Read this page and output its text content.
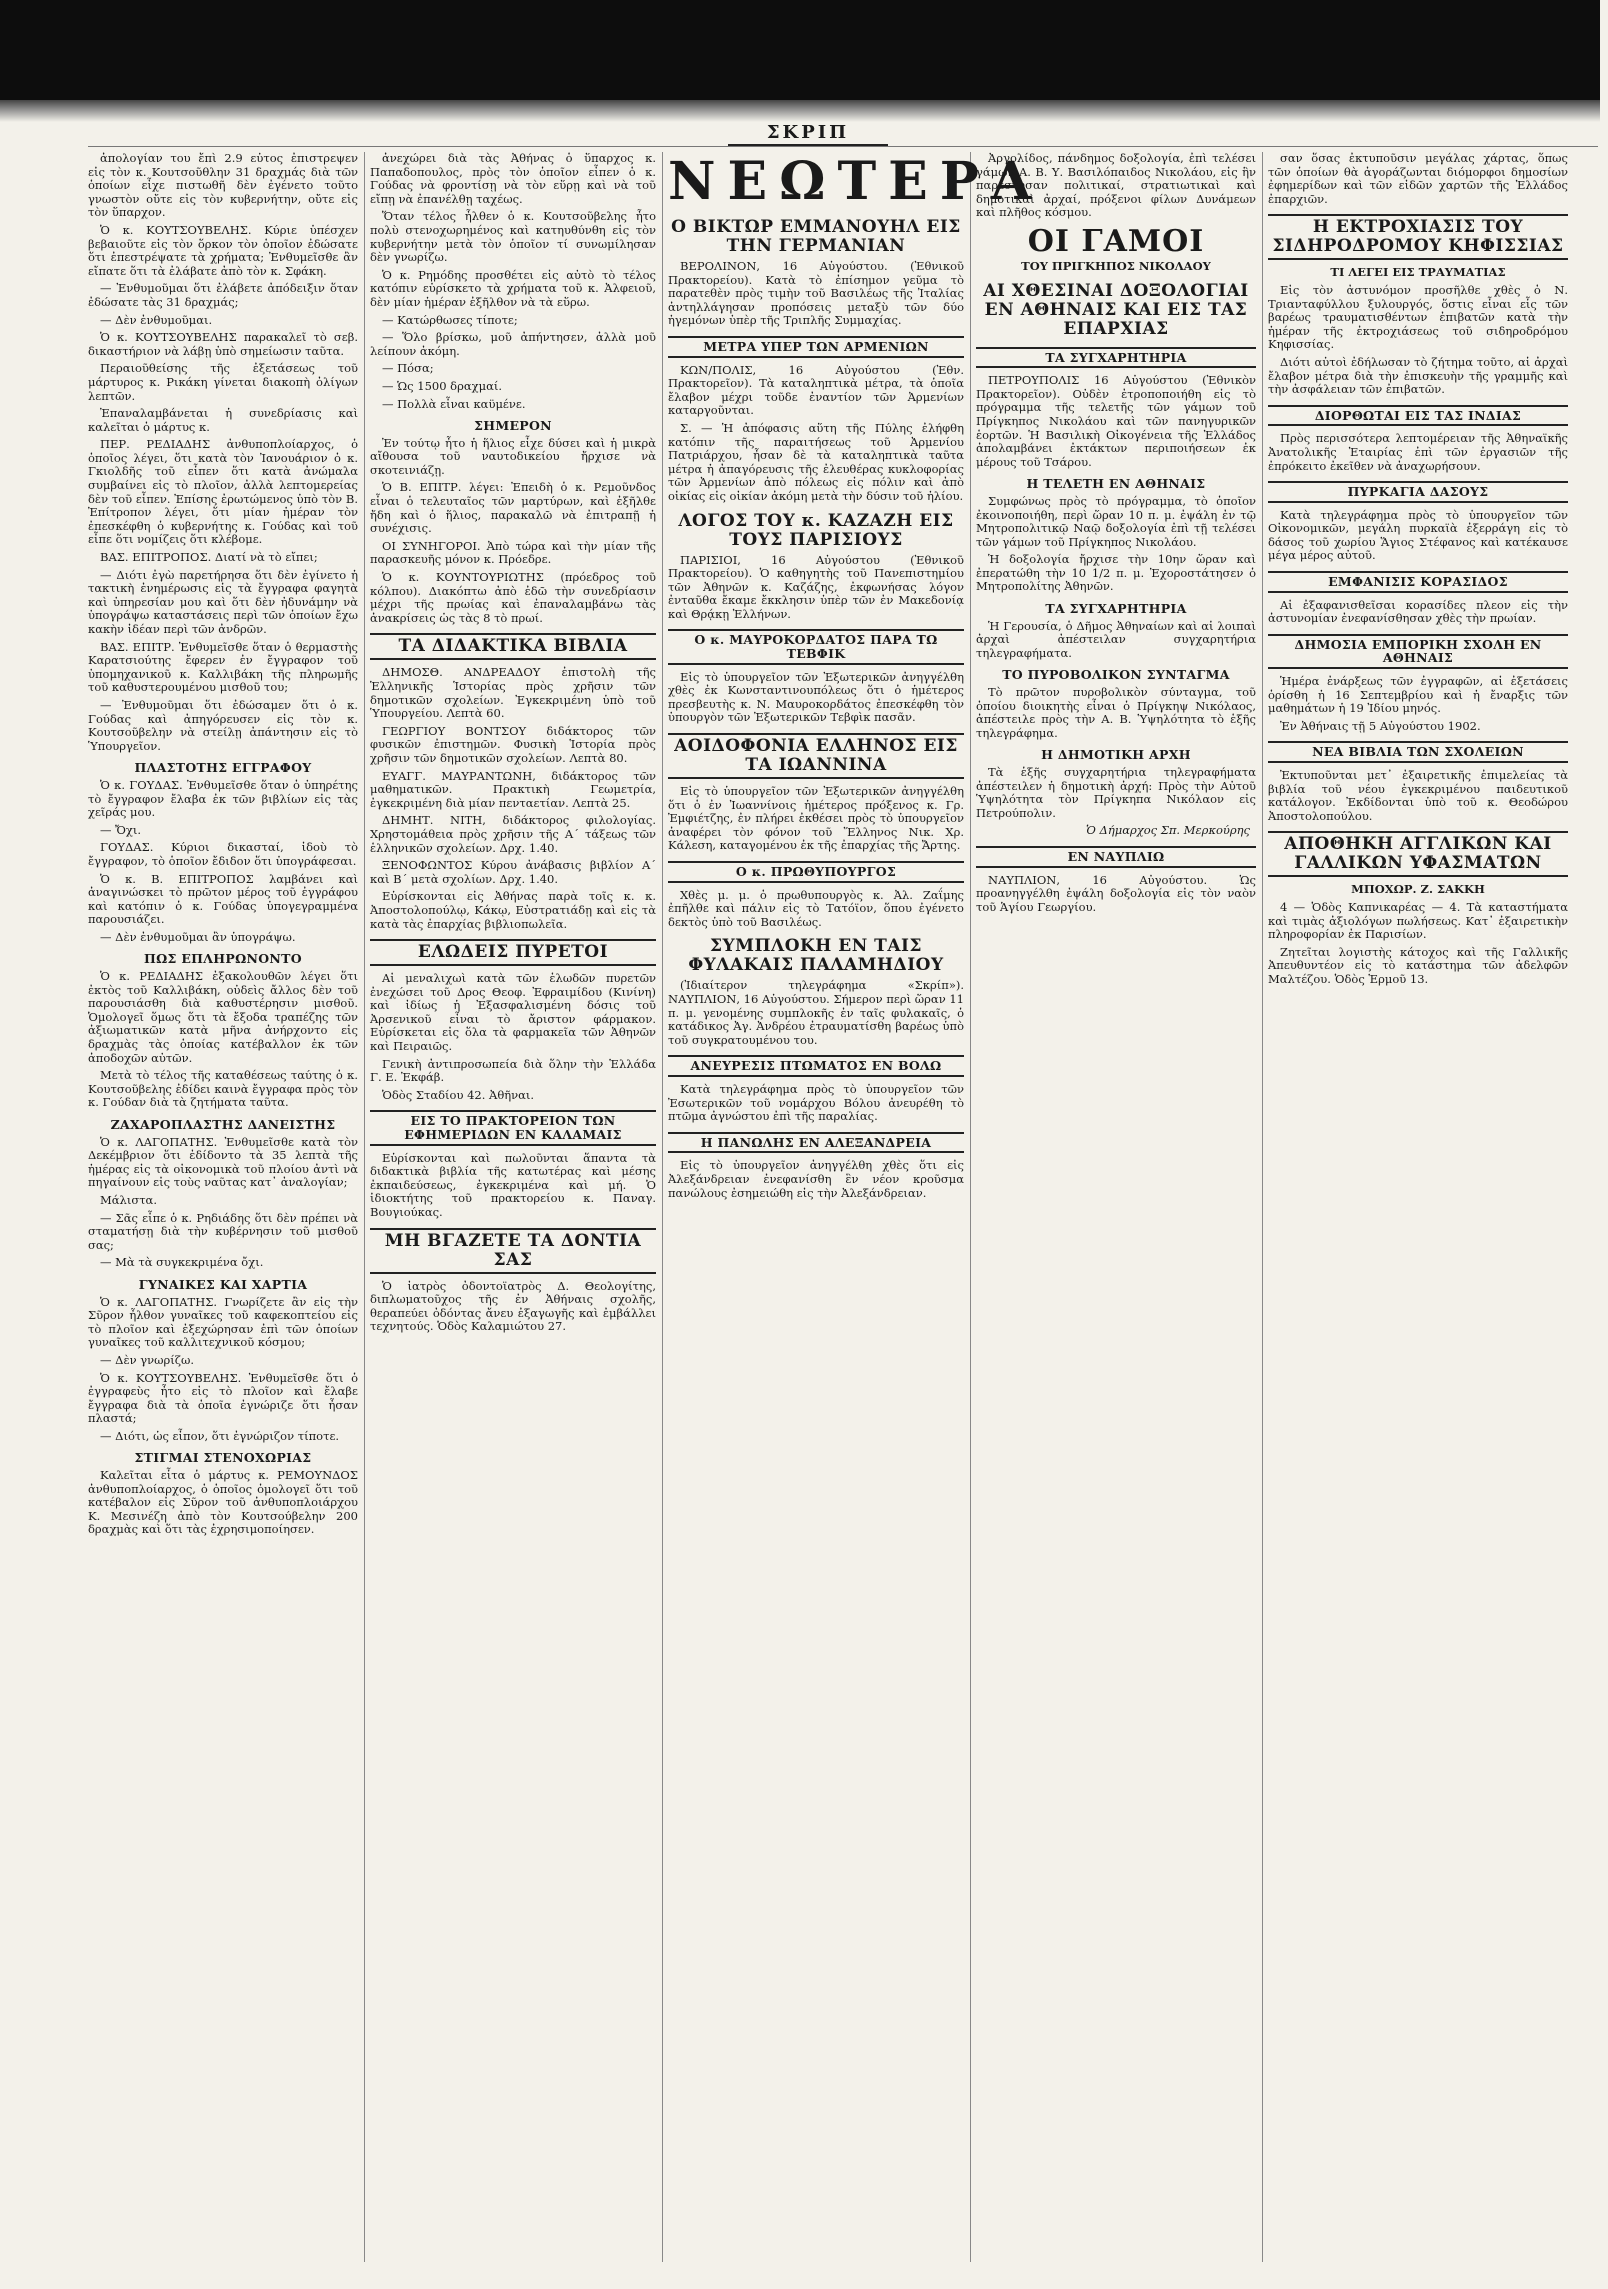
ΣΚΡΙΠ

ἀπολογίαν του ἔπὶ 2.9 εὐτος ἐπιστρεψεν εἰς τὸν κ. Κουτσοῦθλην 31 δραχμάς διὰ τῶν ὁποίων εἶχε πιστωθῆ δὲν ἐγένετο τοῦτο γνωστὸν οὔτε εἰς τὸν κυβερνήτην, οὔτε εἰς τὸν ὕπαρχον.

Ὁ κ. ΚΟΥΤΣΟΥΒΕΛΗΣ. Κύριε ὑπέσχεν βεβαιοῦτε εἰς τὸν ὅρκον τὸν ὁποῖον ἐδώσατε ὅτι ἐπεστρέψατε τὰ χρήματα; Ἐνθυμεῖσθε ἂν εἴπατε ὅτι τὰ ἐλάβατε ἀπὸ τὸν κ. Σφάκη.

— Ἐνθυμοῦμαι ὅτι ἐλάβετε ἀπόδειξιν ὅταν ἐδώσατε τὰς 31 δραχμάς;

— Δὲν ἐνθυμοῦμαι.

Ὁ κ. ΚΟΥΤΣΟΥΒΕΛΗΣ παρακαλεῖ τὸ σεβ. δικαστήριον νὰ λάβῃ ὑπὸ σημείωσιν ταῦτα.

Περαιοῦθείσης τῆς ἐξετάσεως τοῦ μάρτυρος κ. Ρικάκη γίνεται διακοπὴ ὀλίγων λεπτῶν.

Ἐπαναλαμβάνεται ἡ συνεδρίασις καὶ καλεῖται ὁ μάρτυς κ.

ΠΕΡ. ΡΕΔΙΑΔΗΣ ἀνθυποπλοίαρχος, ὁ ὁποῖος λέγει, ὅτι κατὰ τὸν Ἰανουάριον ὁ κ. Γκιολδῆς τοῦ εἶπεν ὅτι κατὰ ἀνώμαλα συμβαίνει εἰς τὸ πλοῖον, ἀλλὰ λεπτομερείας δὲν τοῦ εἶπεν. Ἐπίσης ἐρωτώμενος ὑπὸ τὸν Β. Ἐπίτροπον λέγει, ὅτι μίαν ἡμέραν τὸν ἐπεσκέφθη ὁ κυβερνήτης κ. Γούδας καὶ τοῦ εἶπε ὅτι νομίζεις ὅτι κλέβομε.

ΒΑΣ. ΕΠΙΤΡΟΠΟΣ. Διατί νὰ τὸ εἴπει;

— Διότι ἐγὼ παρετήρησα ὅτι δὲν ἐγίνετο ἡ τακτικὴ ἐνημέρωσις εἰς τὰ ἔγγραφα φαγητὰ καὶ ὑπηρεσίαν μου καὶ ὅτι δὲν ἠδυνάμην νὰ ὑπογράψω καταστάσεις περὶ τῶν ὁποίων ἔχω κακὴν ἰδέαν περὶ τῶν ἀνδρῶν.

ΒΑΣ. ΕΠΙΤΡ. Ἐνθυμεῖσθε ὅταν ὁ θερμαστὴς Καρατσιούτης ἔφερεν ἐν ἔγγραφον τοῦ ὑπομηχανικοῦ κ. Καλλιβάκη τῆς πληρωμῆς τοῦ καθυστερουμένου μισθοῦ του;

— Ἐνθυμοῦμαι ὅτι ἐδώσαμεν ὅτι ὁ κ. Γούδας καὶ ἀπηγόρευσεν εἰς τὸν κ. Κουτσοῦβελην νὰ στείλῃ ἀπάντησιν εἰς τὸ Ὑπουργεῖον.

ΠΛΑΣΤΟΤΗΣ ΕΓΓΡΑΦΟΥ

Ὁ κ. ΓΟΥΔΑΣ. Ἐνθυμεῖσθε ὅταν ὁ ὑπηρέτης τὸ ἔγγραφον ἔλαβα ἐκ τῶν βιβλίων εἰς τὰς χεῖράς μου.

— Ὄχι.

ΓΟΥΔΑΣ. Κύριοι δικασταί, ἰδοὺ τὸ ἔγγραφον, τὸ ὁποῖον ἔδιδον ὅτι ὑπογράφεσαι.

Ὁ κ. Β. ΕΠΙΤΡΟΠΟΣ λαμβάνει καὶ ἀναγινώσκει τὸ πρῶτον μέρος τοῦ ἐγγράφου καὶ κατόπιν ὁ κ. Γούδας ὑπογεγραμμένα παρουσιάζει.

— Δὲν ἐνθυμοῦμαι ἂν ὑπογράψω.

ΠΩΣ ΕΠΛΗΡΩΝΟΝΤΟ

Ὁ κ. ΡΕΔΙΑΔΗΣ ἐξακολουθῶν λέγει ὅτι ἐκτὸς τοῦ Καλλιβάκη, οὐδεὶς ἄλλος δὲν τοῦ παρουσιάσθη διὰ καθυστέρησιν μισθοῦ. Ὁμολογεῖ ὅμως ὅτι τὰ ἔξοδα τραπέζης τῶν ἀξιωματικῶν κατὰ μῆνα ἀνήρχοντο εἰς δραχμὰς τὰς ὁποίας κατέβαλλον ἐκ τῶν ἀποδοχῶν αὐτῶν.

Μετὰ τὸ τέλος τῆς καταθέσεως ταύτης ὁ κ. Κουτσοῦβελης ἐδίδει καινὰ ἔγγραφα πρὸς τὸν κ. Γούδαν διὰ τὰ ζητήματα ταῦτα.

ΖΑΧΑΡΟΠΛΑΣΤΗΣ ΔΑΝΕΙΣΤΗΣ

Ὁ κ. ΛΑΓΟΠΑΤΗΣ. Ἐνθυμεῖσθε κατὰ τὸν Δεκέμβριον ὅτι ἐδίδοντο τὰ 35 λεπτὰ τῆς ἡμέρας εἰς τὰ οἰκονομικὰ τοῦ πλοίου ἀντὶ νὰ πηγαίνουν εἰς τοὺς ναῦτας κατ᾽ ἀναλογίαν;

Μάλιστα.

— Σᾶς εἶπε ὁ κ. Ρηδιάδης ὅτι δὲν πρέπει νὰ σταματήσῃ διὰ τὴν κυβέρνησιν τοῦ μισθοῦ σας;

— Μὰ τὰ συγκεκριμένα ὄχι.

ΓΥΝΑΙΚΕΣ ΚΑΙ ΧΑΡΤΙΑ

Ὁ κ. ΛΑΓΟΠΑΤΗΣ. Γνωρίζετε ἂν εἰς τὴν Σῦρον ἦλθον γυναῖκες τοῦ καφεκοπτείου εἰς τὸ πλοῖον καὶ ἐξεχώρησαν ἐπὶ τῶν ὁποίων γυναῖκες τοῦ καλλιτεχνικοῦ κόσμου;

— Δὲν γνωρίζω.

Ὁ κ. ΚΟΥΤΣΟΥΒΕΛΗΣ. Ἐνθυμεῖσθε ὅτι ὁ ἐγγραφεὺς ἦτο εἰς τὸ πλοῖον καὶ ἔλαβε ἔγγραφα διὰ τὰ ὁποῖα ἐγνώριζε ὅτι ἦσαν πλαστά;

— Διότι, ὡς εἶπον, ὅτι ἐγνώριζον τίποτε.

ΣΤΙΓΜΑΙ ΣΤΕΝΟΧΩΡΙΑΣ

Καλεῖται εἶτα ὁ μάρτυς κ. ΡΕΜΟΥΝΔΟΣ ἀνθυποπλοίαρχος, ὁ ὁποῖος ὁμολογεῖ ὅτι τοῦ κατέβαλον εἰς Σῦρον τοῦ ἀνθυποπλοιάρχου Κ. Μεσινέζη ἀπὸ τὸν Κουτσούβελην 200 δραχμὰς καὶ ὅτι τὰς ἐχρησιμοποίησεν.

ἀνεχώρει διὰ τὰς Ἀθήνας ὁ ὕπαρχος κ. Παπαδοπουλος, πρὸς τὸν ὁποῖον εἶπεν ὁ κ. Γούδας νὰ φροντίσῃ νὰ τὸν εὕρῃ καὶ νὰ τοῦ εἴπῃ νὰ ἐπανέλθῃ ταχέως.

Ὅταν τέλος ἦλθεν ὁ κ. Κουτσοῦβελης ἦτο πολὺ στενοχωρημένος καὶ κατηυθύνθη εἰς τὸν κυβερνήτην μετὰ τὸν ὁποῖον τί συνωμίλησαν δὲν γνωρίζω.

Ὁ κ. Ρημόδης προσθέτει εἰς αὐτὸ τὸ τέλος κατόπιν εὑρίσκετο τὰ χρήματα τοῦ κ. Ἀλφειοῦ, δὲν μίαν ἡμέραν ἐξῆλθον νὰ τὰ εὕρω.

— Κατώρθωσες τίποτε;

— Ὅλο βρίσκω, μοῦ ἀπήντησεν, ἀλλὰ μοῦ λείπουν ἀκόμη.

— Πόσα;

— Ὡς 1500 δραχμαί.

— Πολλὰ εἶναι καϋμένε.

ΣΗΜΕΡΟΝ

Ἐν τούτῳ ἦτο ἡ ἥλιος εἶχε δύσει καὶ ἡ μικρὰ αἴθουσα τοῦ ναυτοδικείου ἤρχισε νὰ σκοτεινιάζῃ.

Ὁ Β. ΕΠΙΤΡ. λέγει: Ἐπειδὴ ὁ κ. Ρεμοῦνδος εἶναι ὁ τελευταῖος τῶν μαρτύρων, καὶ ἐξῆλθε ἤδη καὶ ὁ ἥλιος, παρακαλῶ νὰ ἐπιτραπῇ ἡ συνέχισις.

ΟΙ ΣΥΝΗΓΟΡΟΙ. Ἀπὸ τώρα καὶ τὴν μίαν τῆς παρασκευῆς μόνον κ. Πρόεδρε.

Ὁ κ. ΚΟΥΝΤΟΥΡΙΩΤΗΣ (πρόεδρος τοῦ κόλπου). Διακόπτω ἀπὸ ἐδῶ τὴν συνεδρίασιν μέχρι τῆς πρωίας καὶ ἐπαναλαμβάνω τὰς ἀνακρίσεις ὡς τὰς 8 τὸ πρωί.

ΤΑ ΔΙΔΑΚΤΙΚΑ ΒΙΒΛΙΑ

ΔΗΜΟΣΘ. ΑΝΔΡΕΑΔΟΥ ἐπιστολὴ τῆς Ἑλληνικῆς Ἱστορίας πρὸς χρῆσιν τῶν δημοτικῶν σχολείων. Ἐγκεκριμένη ὑπὸ τοῦ Ὑπουργείου. Λεπτὰ 60.

ΓΕΩΡΓΙΟΥ ΒΟΝΤΣΟΥ διδάκτορος τῶν φυσικῶν ἐπιστημῶν. Φυσικὴ Ἱστορία πρὸς χρῆσιν τῶν δημοτικῶν σχολείων. Λεπτὰ 80.

ΕΥΑΓΓ. ΜΑΥΡΑΝΤΩΝΗ, διδάκτορος τῶν μαθηματικῶν. Πρακτικὴ Γεωμετρία, ἐγκεκριμένη διὰ μίαν πενταετίαν. Λεπτὰ 25.

ΔΗΜΗΤ. ΝΙΤΗ, διδάκτορος φιλολογίας. Χρηστομάθεια πρὸς χρῆσιν τῆς Α´ τάξεως τῶν ἑλληνικῶν σχολείων. Δρχ. 1.40.

ΞΕΝΟΦΩΝΤΟΣ Κύρου ἀνάβασις βιβλίον Α´ καὶ Β´ μετὰ σχολίων. Δρχ. 1.40.

Εὑρίσκονται εἰς Ἀθήνας παρὰ τοῖς κ. κ. Ἀποστολοπούλῳ, Κάκῳ, Εὐστρατιάδῃ καὶ εἰς τὰ κατὰ τὰς ἐπαρχίας βιβλιοπωλεῖα.

ΕΛΩΔΕΙΣ ΠΥΡΕΤΟΙ

Αἱ μεναλιχωὶ κατὰ τῶν ἑλωδῶν πυρετῶν ἐνεχώσει τοῦ Δρος Θεοφ. Ἐφραιμίδου (Κινίνη) καὶ ἰδίως ἡ Ἐξασφαλισμένη δόσις τοῦ Ἀρσενικοῦ εἶναι τὸ ἄριστον φάρμακον. Εὑρίσκεται εἰς ὅλα τὰ φαρμακεῖα τῶν Ἀθηνῶν καὶ Πειραιῶς.

Γενικὴ ἀντιπροσωπεία διὰ ὅλην τὴν Ἑλλάδα Γ. Ε. Ἐκφάβ.

Ὁδὸς Σταδίου 42. Ἀθῆναι.

ΕΙΣ ΤΟ ΠΡΑΚΤΟΡΕΙΟΝ ΤΩΝ ΕΦΗΜΕΡΙΔΩΝ ΕΝ ΚΑΛΑΜΑΙΣ

Εὑρίσκονται καὶ πωλοῦνται ἅπαντα τὰ διδακτικὰ βιβλία τῆς κατωτέρας καὶ μέσης ἐκπαιδεύσεως, ἐγκεκριμένα καὶ μή. Ὁ ἰδιοκτήτης τοῦ πρακτορείου κ. Παναγ. Βουγιούκας.

ΜΗ ΒΓΑΖΕΤΕ ΤΑ ΔΟΝΤΙΑ ΣΑΣ

Ὁ ἰατρὸς ὀδοντοϊατρὸς Δ. Θεολογίτης, διπλωματοῦχος τῆς ἐν Ἀθήναις σχολῆς, θεραπεύει ὀδόντας ἄνευ ἐξαγωγῆς καὶ ἐμβάλλει τεχνητούς. Ὁδὸς Καλαμιώτου 27.

ΝΕΩΤΕΡΑ
Ο ΒΙΚΤΩΡ ΕΜΜΑΝΟΥΗΛ ΕΙΣ ΤΗΝ ΓΕΡΜΑΝΙΑΝ

ΒΕΡΟΛΙΝΟΝ, 16 Αὐγούστου. (Ἐθνικοῦ Πρακτορείου). Κατὰ τὸ ἐπίσημον γεῦμα τὸ παρατεθὲν πρὸς τιμὴν τοῦ Βασιλέως τῆς Ἰταλίας ἀντηλλάγησαν προπόσεις μεταξὺ τῶν δύο ἡγεμόνων ὑπὲρ τῆς Τριπλῆς Συμμαχίας.

ΜΕΤΡΑ ΥΠΕΡ ΤΩΝ ΑΡΜΕΝΙΩΝ

ΚΩΝ/ΠΟΛΙΣ, 16 Αὐγούστου (Ἐθν. Πρακτορεῖον). Τὰ καταληπτικὰ μέτρα, τὰ ὁποῖα ἔλαβον μέχρι τοῦδε ἐναντίον τῶν Ἀρμενίων καταργοῦνται.

Σ. — Ἡ ἀπόφασις αὕτη τῆς Πύλης ἐλήφθη κατόπιν τῆς παραιτήσεως τοῦ Ἀρμενίου Πατριάρχου, ἦσαν δὲ τὰ καταληπτικὰ ταῦτα μέτρα ἡ ἀπαγόρευσις τῆς ἐλευθέρας κυκλοφορίας τῶν Ἀρμενίων ἀπὸ πόλεως εἰς πόλιν καὶ ἀπὸ οἰκίας εἰς οἰκίαν ἀκόμη μετὰ τὴν δύσιν τοῦ ἡλίου.

ΛΟΓΟΣ ΤΟΥ κ. ΚΑΖΑΖΗ ΕΙΣ ΤΟΥΣ ΠΑΡΙΣΙΟΥΣ

ΠΑΡΙΣΙΟΙ, 16 Αὐγούστου (Ἐθνικοῦ Πρακτορείου). Ὁ καθηγητὴς τοῦ Πανεπιστημίου τῶν Ἀθηνῶν κ. Καζάζης, ἐκφωνήσας λόγον ἐνταῦθα ἔκαμε ἔκκλησιν ὑπὲρ τῶν ἐν Μακεδονίᾳ καὶ Θρᾴκῃ Ἑλλήνων.

Ο κ. ΜΑΥΡΟΚΟΡΔΑΤΟΣ ΠΑΡΑ ΤΩ ΤΕΒΦΙΚ

Εἰς τὸ ὑπουργεῖον τῶν Ἐξωτερικῶν ἀνηγγέλθη χθὲς ἐκ Κωνσταντινουπόλεως ὅτι ὁ ἡμέτερος πρεσβευτὴς κ. Ν. Μαυροκορδάτος ἐπεσκέφθη τὸν ὑπουργὸν τῶν Ἐξωτερικῶν Τεβφὶκ πασᾶν.

ΑΟΙΔΟΦΟΝΙΑ ΕΛΛΗΝΟΣ ΕΙΣ ΤΑ ΙΩΑΝΝΙΝΑ

Εἰς τὸ ὑπουργεῖον τῶν Ἐξωτερικῶν ἀνηγγέλθη ὅτι ὁ ἐν Ἰωαννίνοις ἡμέτερος πρόξενος κ. Γρ. Ἐμφιέτζης, ἐν πλήρει ἐκθέσει πρὸς τὸ ὑπουργεῖον ἀναφέρει τὸν φόνον τοῦ Ἕλληνος Νικ. Χρ. Κάλεση, καταγομένου ἐκ τῆς ἐπαρχίας τῆς Ἄρτης.

Ο κ. ΠΡΩΘΥΠΟΥΡΓΟΣ

Χθὲς μ. μ. ὁ πρωθυπουργὸς κ. Ἀλ. Ζαΐμης ἐπῆλθε καὶ πάλιν εἰς τὸ Τατόϊον, ὅπου ἐγένετο δεκτὸς ὑπὸ τοῦ Βασιλέως.

ΣΥΜΠΛΟΚΗ ΕΝ ΤΑΙΣ ΦΥΛΑΚΑΙΣ ΠΑΛΑΜΗΔΙΟΥ

(Ἰδιαίτερον τηλεγράφημα «Σκρίπ»). ΝΑΥΠΛΙΟΝ, 16 Αὐγούστου. Σήμερον περὶ ὥραν 11 π. μ. γενομένης συμπλοκῆς ἐν ταῖς φυλακαῖς, ὁ κατάδικος Ἀγ. Ἀνδρέου ἐτραυματίσθη βαρέως ὑπὸ τοῦ συγκρατουμένου του.

ΑΝΕΥΡΕΣΙΣ ΠΤΩΜΑΤΟΣ ΕΝ ΒΟΛΩ

Κατὰ τηλεγράφημα πρὸς τὸ ὑπουργεῖον τῶν Ἐσωτερικῶν τοῦ νομάρχου Βόλου ἀνευρέθη τὸ πτῶμα ἀγνώστου ἐπὶ τῆς παραλίας.

Η ΠΑΝΩΛΗΣ ΕΝ ΑΛΕΞΑΝΔΡΕΙΑ

Εἰς τὸ ὑπουργεῖον ἀνηγγέλθη χθὲς ὅτι εἰς Ἀλεξάνδρειαν ἐνεφανίσθη ἓν νέον κροῦσμα πανώλους ἐσημειώθη εἰς τὴν Ἀλεξάνδρειαν.

Ἀργολίδος, πάνδημος δοξολογία, ἐπὶ τελέσει γάμων Α. Β. Υ. Βασιλόπαιδος Νικολάου, εἰς ἣν παρέστησαν πολιτικαί, στρατιωτικαὶ καὶ δημοτικαὶ ἀρχαί, πρόξενοι φίλων Δυνάμεων καὶ πλῆθος κόσμου.

ΟΙ ΓΑΜΟΙ
ΤΟΥ ΠΡΙΓΚΗΠΟΣ ΝΙΚΟΛΑΟΥ
ΑΙ ΧΘΕΣΙΝΑΙ ΔΟΞΟΛΟΓΙΑΙ ΕΝ ΑΘΗΝΑΙΣ ΚΑΙ ΕΙΣ ΤΑΣ ΕΠΑΡΧΙΑΣ
ΤΑ ΣΥΓΧΑΡΗΤΗΡΙΑ

ΠΕΤΡΟΥΠΟΛΙΣ 16 Αὐγούστου (Ἐθνικὸν Πρακτορεῖον). Οὐδὲν ἐτροποποιήθη εἰς τὸ πρόγραμμα τῆς τελετῆς τῶν γάμων τοῦ Πρίγκηπος Νικολάου καὶ τῶν πανηγυρικῶν ἑορτῶν. Ἡ Βασιλικὴ Οἰκογένεια τῆς Ἑλλάδος ἀπολαμβάνει ἐκτάκτων περιποιήσεων ἐκ μέρους τοῦ Τσάρου.

Η ΤΕΛΕΤΗ ΕΝ ΑΘΗΝΑΙΣ

Συμφώνως πρὸς τὸ πρόγραμμα, τὸ ὁποῖον ἐκοινοποιήθη, περὶ ὥραν 10 π. μ. ἐψάλη ἐν τῷ Μητροπολιτικῷ Ναῷ δοξολογία ἐπὶ τῇ τελέσει τῶν γάμων τοῦ Πρίγκηπος Νικολάου.

Ἡ δοξολογία ἤρχισε τὴν 10ην ὥραν καὶ ἐπερατώθη τὴν 10 1/2 π. μ. Ἐχοροστάτησεν ὁ Μητροπολίτης Ἀθηνῶν.

ΤΑ ΣΥΓΧΑΡΗΤΗΡΙΑ

Ἡ Γερουσία, ὁ Δῆμος Ἀθηναίων καὶ αἱ λοιπαὶ ἀρχαὶ ἀπέστειλαν συγχαρητήρια τηλεγραφήματα.

ΤΟ ΠΥΡΟΒΟΛΙΚΟΝ ΣΥΝΤΑΓΜΑ

Τὸ πρῶτον πυροβολικὸν σύνταγμα, τοῦ ὁποίου διοικητὴς εἶναι ὁ Πρίγκηψ Νικόλαος, ἀπέστειλε πρὸς τὴν Α. Β. Ὑψηλότητα τὸ ἑξῆς τηλεγράφημα.

Η ΔΗΜΟΤΙΚΗ ΑΡΧΗ

Τὰ ἑξῆς συγχαρητήρια τηλεγραφήματα ἀπέστειλεν ἡ δημοτικὴ ἀρχή: Πρὸς τὴν Αὐτοῦ Ὑψηλότητα τὸν Πρίγκηπα Νικόλαον εἰς Πετρούπολιν.

Ὁ Δήμαρχος Σπ. Μερκούρης
ΕΝ ΝΑΥΠΛΙΩ

ΝΑΥΠΛΙΟΝ, 16 Αὐγούστου. Ὡς προανηγγέλθη ἐψάλη δοξολογία εἰς τὸν ναὸν τοῦ Ἁγίου Γεωργίου.

σαν ὅσας ἐκτυποῦσιν μεγάλας χάρτας, ὅπως τῶν ὁποίων θὰ ἀγοράζωνται διόμορφοι δημοσίων ἐφημερίδων καὶ τῶν εἰδῶν χαρτῶν τῆς Ἑλλάδος ἐπαρχιῶν.

Η ΕΚΤΡΟΧΙΑΣΙΣ ΤΟΥ ΣΙΔΗΡΟΔΡΟΜΟΥ ΚΗΦΙΣΣΙΑΣ
ΤΙ ΛΕΓΕΙ ΕΙΣ ΤΡΑΥΜΑΤΙΑΣ

Εἰς τὸν ἀστυνόμον προσῆλθε χθὲς ὁ Ν. Τριανταφύλλου ξυλουργός, ὅστις εἶναι εἷς τῶν βαρέως τραυματισθέντων ἐπιβατῶν κατὰ τὴν ἡμέραν τῆς ἐκτροχιάσεως τοῦ σιδηροδρόμου Κηφισσίας.

Διότι αὐτοὶ ἐδήλωσαν τὸ ζήτημα τοῦτο, αἱ ἀρχαὶ ἔλαβον μέτρα διὰ τὴν ἐπισκευὴν τῆς γραμμῆς καὶ τὴν ἀσφάλειαν τῶν ἐπιβατῶν.

ΔΙΟΡΘΩΤΑΙ ΕΙΣ ΤΑΣ ΙΝΔΙΑΣ

Πρὸς περισσότερα λεπτομέρειαν τῆς Ἀθηναϊκῆς Ἀνατολικῆς Ἑταιρίας ἐπὶ τῶν ἐργασιῶν τῆς ἐπρόκειτο ἐκεῖθεν νὰ ἀναχωρήσουν.

ΠΥΡΚΑΓΙΑ ΔΑΣΟΥΣ

Κατὰ τηλεγράφημα πρὸς τὸ ὑπουργεῖον τῶν Οἰκονομικῶν, μεγάλη πυρκαϊὰ ἐξερράγη εἰς τὸ δάσος τοῦ χωρίου Ἅγιος Στέφανος καὶ κατέκαυσε μέγα μέρος αὐτοῦ.

ΕΜΦΑΝΙΣΙΣ ΚΟΡΑΣΙΔΟΣ

Αἱ ἐξαφανισθεῖσαι κορασίδες πλεον εἰς τὴν ἀστυνομίαν ἐνεφανίσθησαν χθὲς τὴν πρωίαν.

ΔΗΜΟΣΙΑ ΕΜΠΟΡΙΚΗ ΣΧΟΛΗ ΕΝ ΑΘΗΝΑΙΣ

Ἡμέρα ἐνάρξεως τῶν ἐγγραφῶν, αἱ ἐξετάσεις ὁρίσθη ἡ 16 Σεπτεμβρίου καὶ ἡ ἔναρξις τῶν μαθημάτων ἡ 19 Ἰδίου μηνός.

Ἐν Ἀθήναις τῇ 5 Αὐγούστου 1902.

ΝΕΑ ΒΙΒΛΙΑ ΤΩΝ ΣΧΟΛΕΙΩΝ

Ἐκτυποῦνται μετ᾽ ἐξαιρετικῆς ἐπιμελείας τὰ βιβλία τοῦ νέου ἐγκεκριμένου παιδευτικοῦ κατάλογον. Ἐκδίδονται ὑπὸ τοῦ κ. Θεοδώρου Ἀποστολοπούλου.

ΑΠΟΘΗΚΗ ΑΓΓΛΙΚΩΝ ΚΑΙ ΓΑΛΛΙΚΩΝ ΥΦΑΣΜΑΤΩΝ
ΜΠΟΧΩΡ. Ζ. ΣΑΚΚΗ

4 — Ὁδὸς Καπνικαρέας — 4. Τὰ καταστήματα καὶ τιμὰς ἀξιολόγων πωλήσεως. Κατ᾽ ἐξαιρετικὴν πληροφορίαν ἐκ Παρισίων.

Ζητεῖται λογιστὴς κάτοχος καὶ τῆς Γαλλικῆς Ἀπευθυντέον εἰς τὸ κατάστημα τῶν ἀδελφῶν Μαλτέζου. Ὁδὸς Ἑρμοῦ 13.
